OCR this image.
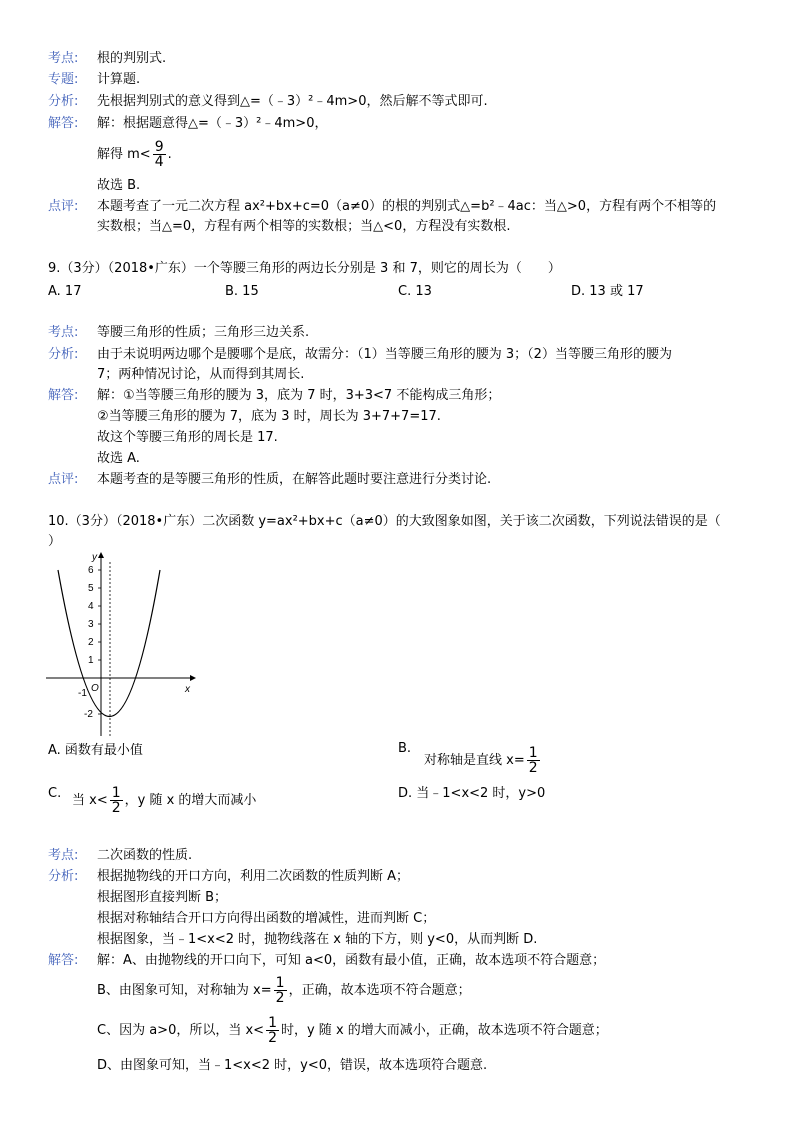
考点: 根的判别式.
专题: 计算题.
分析: 先根据判别式的意义得到△=（﹣3）²﹣4m>0，然后解不等式即可.
解答: 解：根据题意得△=（﹣3）²﹣4m>0，
解得 $m< \frac{9}{4}$ .
故选 B.
点评: 本题考查了一元二次方程 ax²+bx+c=0（a≠0）的根的判别式△=b²﹣4ac：当△>0，方程有两个不相等的
实数根；当△=0，方程有两个相等的实数根；当△<0，方程没有实数根.
9.（3分）（2018•广东）一个等腰三角形的两边长分别是 3 和 7，则它的周长为（　　）
A. 17	B. 15	C. 13	D. 13 或 17
考点: 等腰三角形的性质；三角形三边关系.
分析: 由于未说明两边哪个是腰哪个是底，故需分：（1）当等腰三角形的腰为 3；（2）当等腰三角形的腰为
7；两种情况讨论，从而得到其周长.
解答: 解：①当等腰三角形的腰为 3，底为 7 时，3+3<7 不能构成三角形；
②当等腰三角形的腰为 7，底为 3 时，周长为 3+7+7=17.
故这个等腰三角形的周长是 17.
故选 A.
点评: 本题考查的是等腰三角形的性质，在解答此题时要注意进行分类讨论.
10.（3分）（2018•广东）二次函数 y=ax²+bx+c（a≠0）的大致图象如图，关于该二次函数，下列说法错误的是（
）
6
5
4
3
2
1
-2
y
x
O
-1
A. 函数有最小值	B.
对称轴是直线 $x= \frac{1}{2}$
C. 当 $x< \frac{1}{2}$ ，y 随 x 的增大而减小	D. 当﹣1<x<2 时，y>0
考点: 二次函数的性质.
分析: 根据抛物线的开口方向，利用二次函数的性质判断 A；
根据图形直接判断 B；
根据对称轴结合开口方向得出函数的增减性，进而判断 C；
根据图象，当﹣1<x<2 时，抛物线落在 x 轴的下方，则 y<0，从而判断 D.
解答: 解：A、由抛物线的开口向下，可知 a<0，函数有最小值，正确，故本选项不符合题意；
B、由图象可知，对称轴为 $x= \frac{1}{2}$ ，正确，故本选项不符合题意；
C、因为 a>0，所以，当 $x< \frac{1}{2}$ 时，y 随 x 的增大而减小，正确，故本选项不符合题意；
D、由图象可知，当﹣1<x<2 时，y<0，错误，故本选项符合题意.
